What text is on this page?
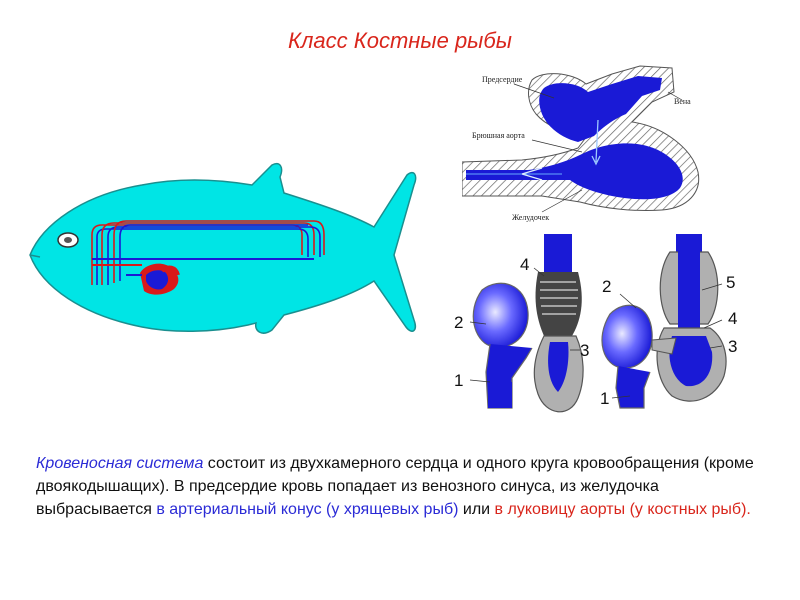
Класс Костные рыбы
Предсердие
Вена
Брюшная аорта
Желудочек
1
2
3
4
1
2
3
4
5
Кровеносная система состоит из двухкамерного сердца и одного круга кровообращения (кроме двоякодышащих). В предсердие кровь попадает из венозного синуса, из желудочка выбрасывается в артериальный конус (у хрящевых рыб) или в луковицу аорты (у костных рыб).
